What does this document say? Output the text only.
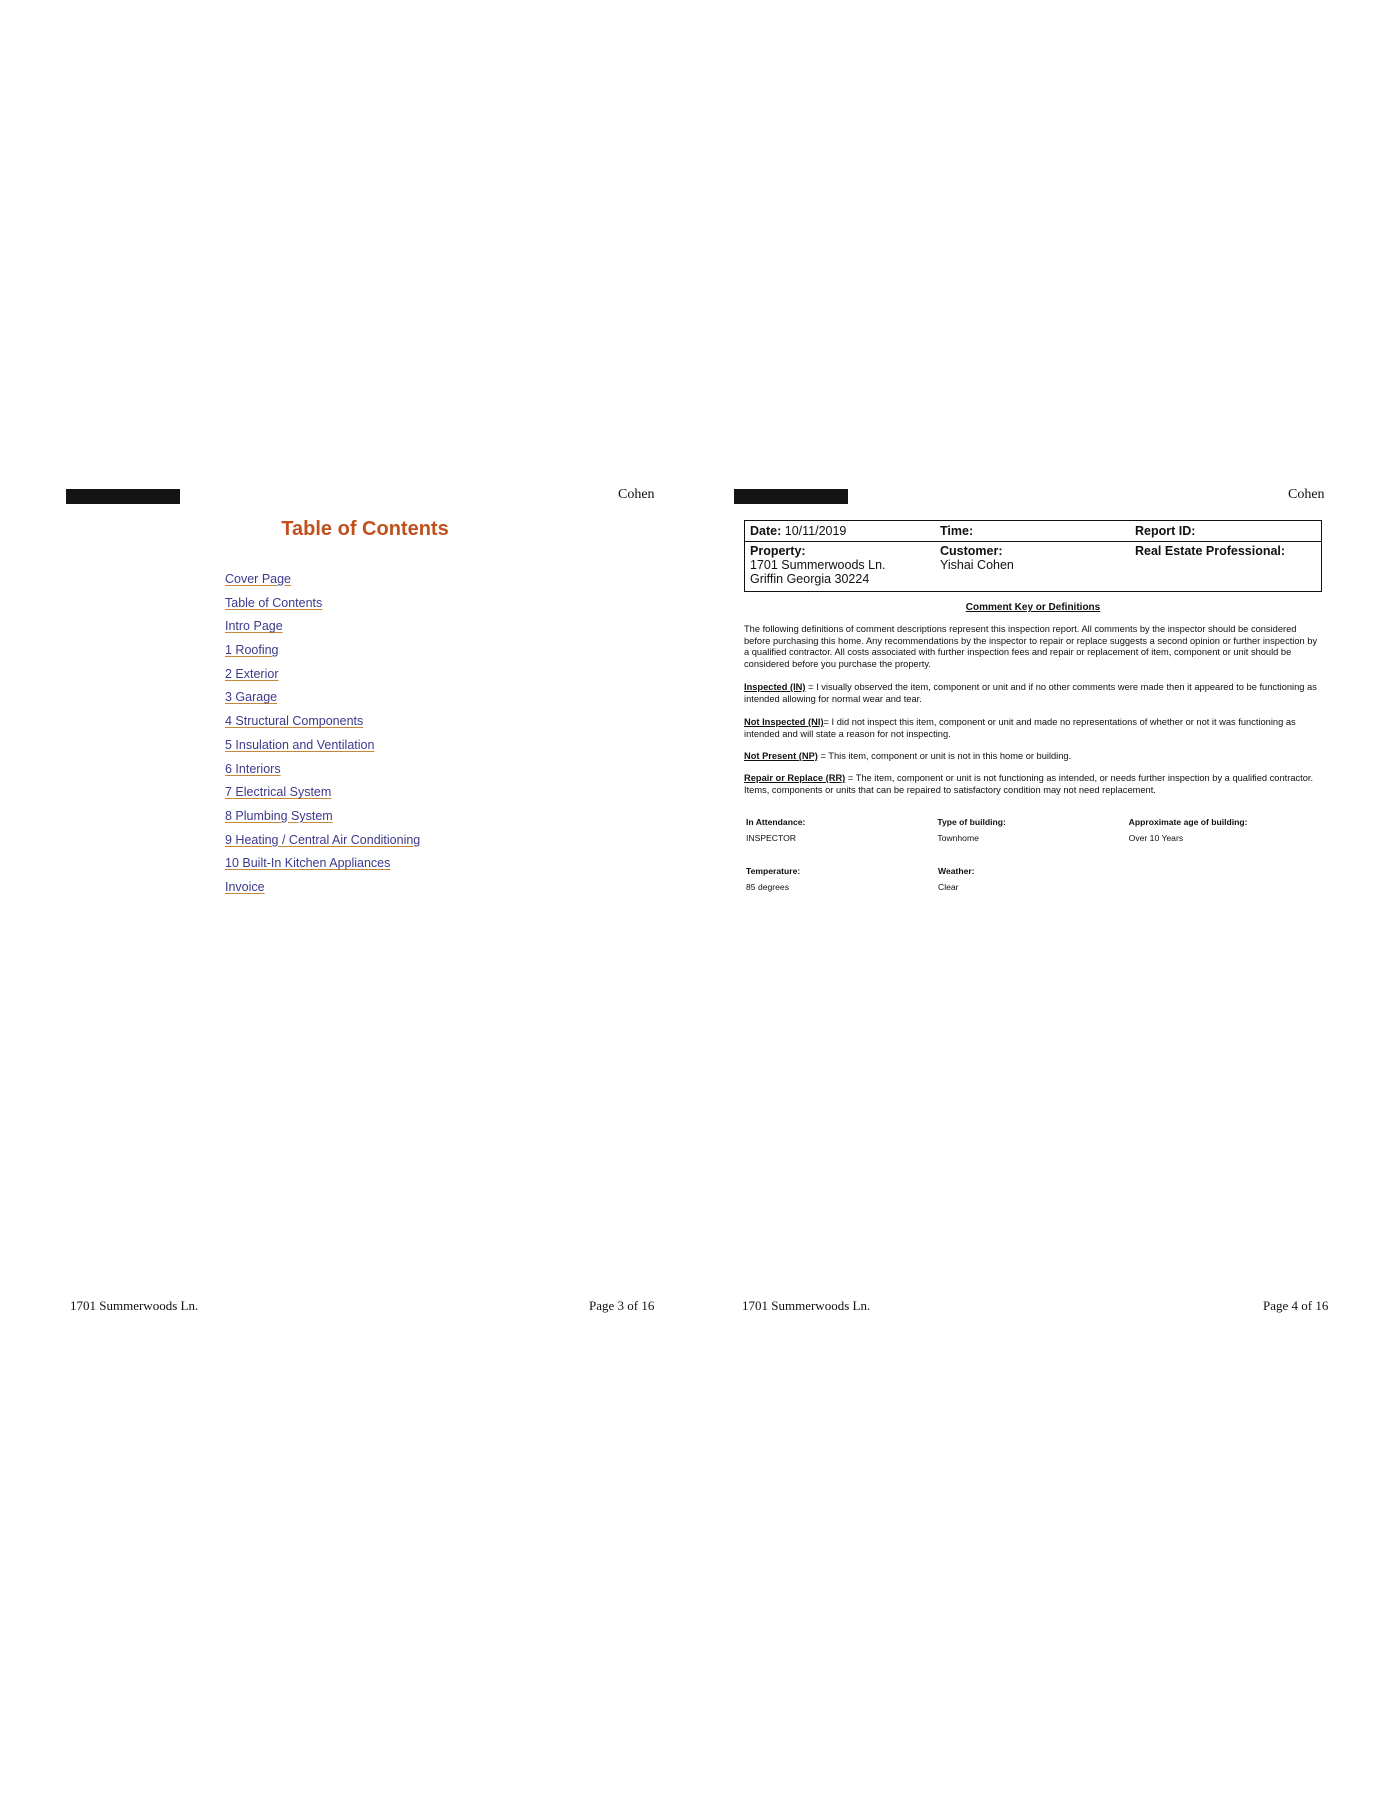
Cohen
Table of Contents
Cover Page
Table of Contents
Intro Page
1 Roofing
2 Exterior
3 Garage
4 Structural Components
5 Insulation and Ventilation
6 Interiors
7 Electrical System
8 Plumbing System
9 Heating / Central Air Conditioning
10 Built-In Kitchen Appliances
Invoice
1701 Summerwoods Ln.	Page 3 of 16
Cohen
Date: 10/11/2019	Time:	Report ID:
Property:
1701 Summerwoods Ln.
Griffin Georgia 30224
Customer:
Yishai Cohen
Real Estate Professional:
Comment Key or Definitions

The following definitions of comment descriptions represent this inspection report. All comments by the inspector should be considered before purchasing this home. Any recommendations by the inspector to repair or replace suggests a second opinion or further inspection by a qualified contractor. All costs associated with further inspection fees and repair or replacement of item, component or unit should be considered before you purchase the property.

Inspected (IN) = I visually observed the item, component or unit and if no other comments were made then it appeared to be functioning as intended allowing for normal wear and tear.

Not Inspected (NI)= I did not inspect this item, component or unit and made no representations of whether or not it was functioning as intended and will state a reason for not inspecting.

Not Present (NP) = This item, component or unit is not in this home or building.

Repair or Replace (RR) = The item, component or unit is not functioning as intended, or needs further inspection by a qualified contractor. Items, components or units that can be repaired to satisfactory condition may not need replacement.

In Attendance:
INSPECTOR
Type of building:
Townhome
Approximate age of building:
Over 10 Years
Temperature:
85 degrees
Weather:
Clear
1701 Summerwoods Ln.	Page 4 of 16
